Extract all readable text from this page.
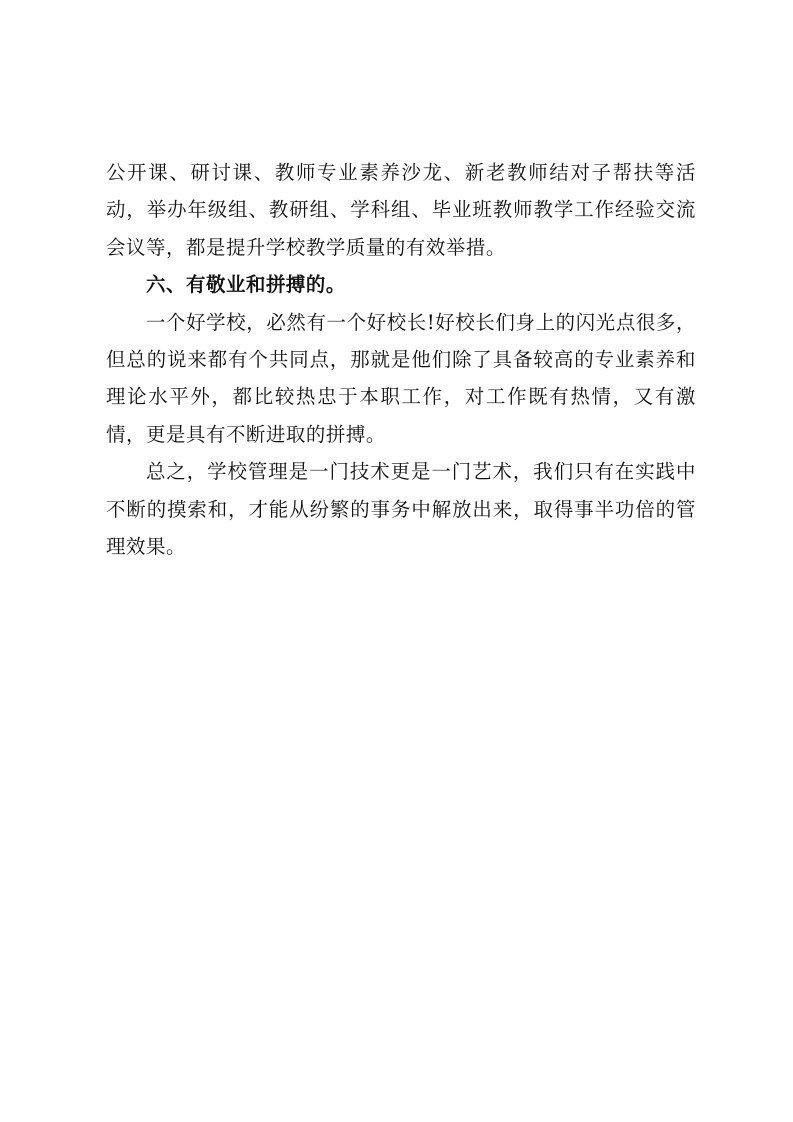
公开课、研讨课、教师专业素养沙龙、新老教师结对子帮扶等活动，举办年级组、教研组、学科组、毕业班教师教学工作经验交流会议等，都是提升学校教学质量的有效举措。

六、有敬业和拼搏的。

一个好学校，必然有一个好校长!好校长们身上的闪光点很多，但总的说来都有个共同点，那就是他们除了具备较高的专业素养和理论水平外，都比较热忠于本职工作，对工作既有热情，又有激情，更是具有不断进取的拼搏。

总之，学校管理是一门技术更是一门艺术，我们只有在实践中不断的摸索和，才能从纷繁的事务中解放出来，取得事半功倍的管理效果。
